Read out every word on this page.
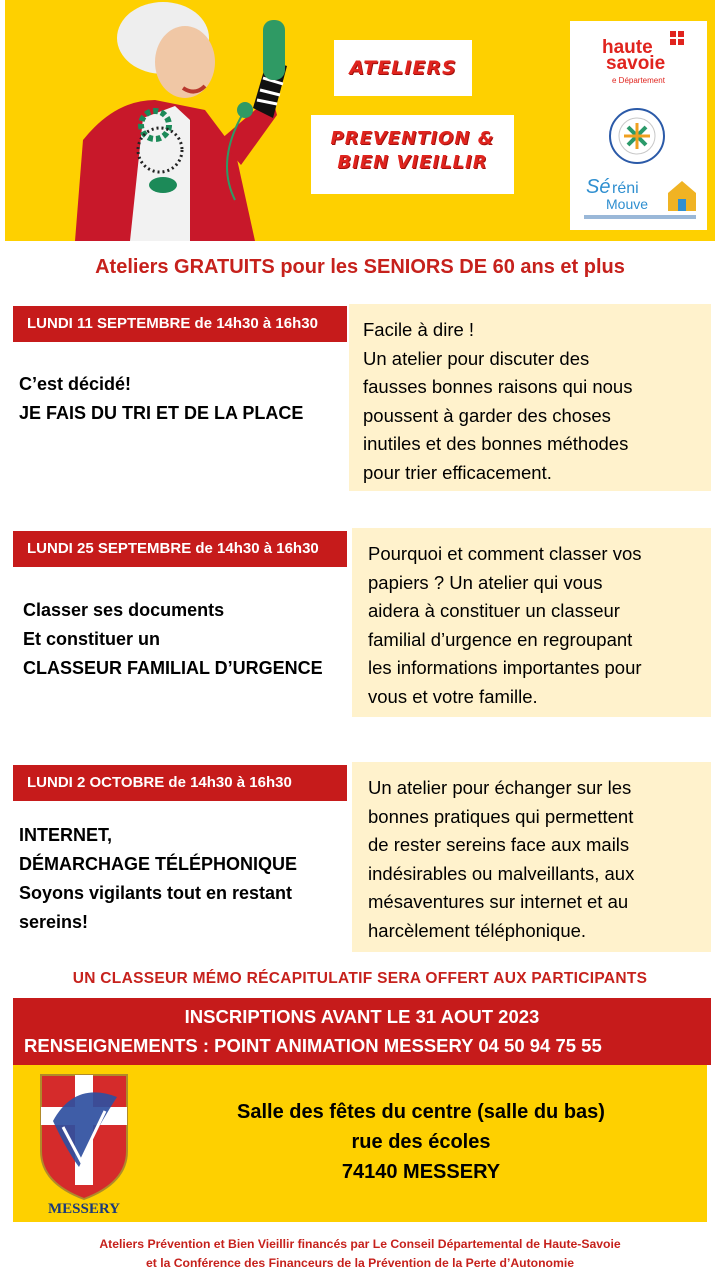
ATELIERS
PREVENTION &
BIEN VIEILLIR
haute
savoie
e Département
Sé réni
Mouve
Ateliers GRATUITS pour les SENIORS DE 60 ans et plus
LUNDI 11 SEPTEMBRE de 14h30 à 16h30
C’est décidé!
JE FAIS DU TRI ET DE LA PLACE
Facile à dire !
Un atelier pour discuter des
fausses bonnes raisons qui nous
poussent à garder des choses
inutiles et des bonnes méthodes
pour trier efficacement.
LUNDI 25 SEPTEMBRE de 14h30 à 16h30
Classer ses documents
Et constituer un
CLASSEUR FAMILIAL D’URGENCE
Pourquoi et comment classer vos
papiers ? Un atelier qui vous
aidera à constituer un classeur
familial d’urgence en regroupant
les informations importantes pour
vous et votre famille.
LUNDI 2 OCTOBRE de 14h30 à 16h30
INTERNET,
DÉMARCHAGE TÉLÉPHONIQUE
Soyons vigilants tout en restant
sereins!
Un atelier pour échanger sur les
bonnes pratiques qui permettent
de rester sereins face aux mails
indésirables ou malveillants, aux
mésaventures sur internet et au
harcèlement téléphonique.
UN CLASSEUR MÉMO RÉCAPITULATIF SERA OFFERT AUX PARTICIPANTS
INSCRIPTIONS AVANT LE 31 AOUT 2023
RENSEIGNEMENTS : POINT ANIMATION MESSERY 04 50 94 75 55
MESSERY
Salle des fêtes du centre (salle du bas)
rue des écoles
74140 MESSERY
Ateliers Prévention et Bien Vieillir financés par Le Conseil Départemental de Haute-Savoie
et la Conférence des Financeurs de la Prévention de la Perte d’Autonomie
